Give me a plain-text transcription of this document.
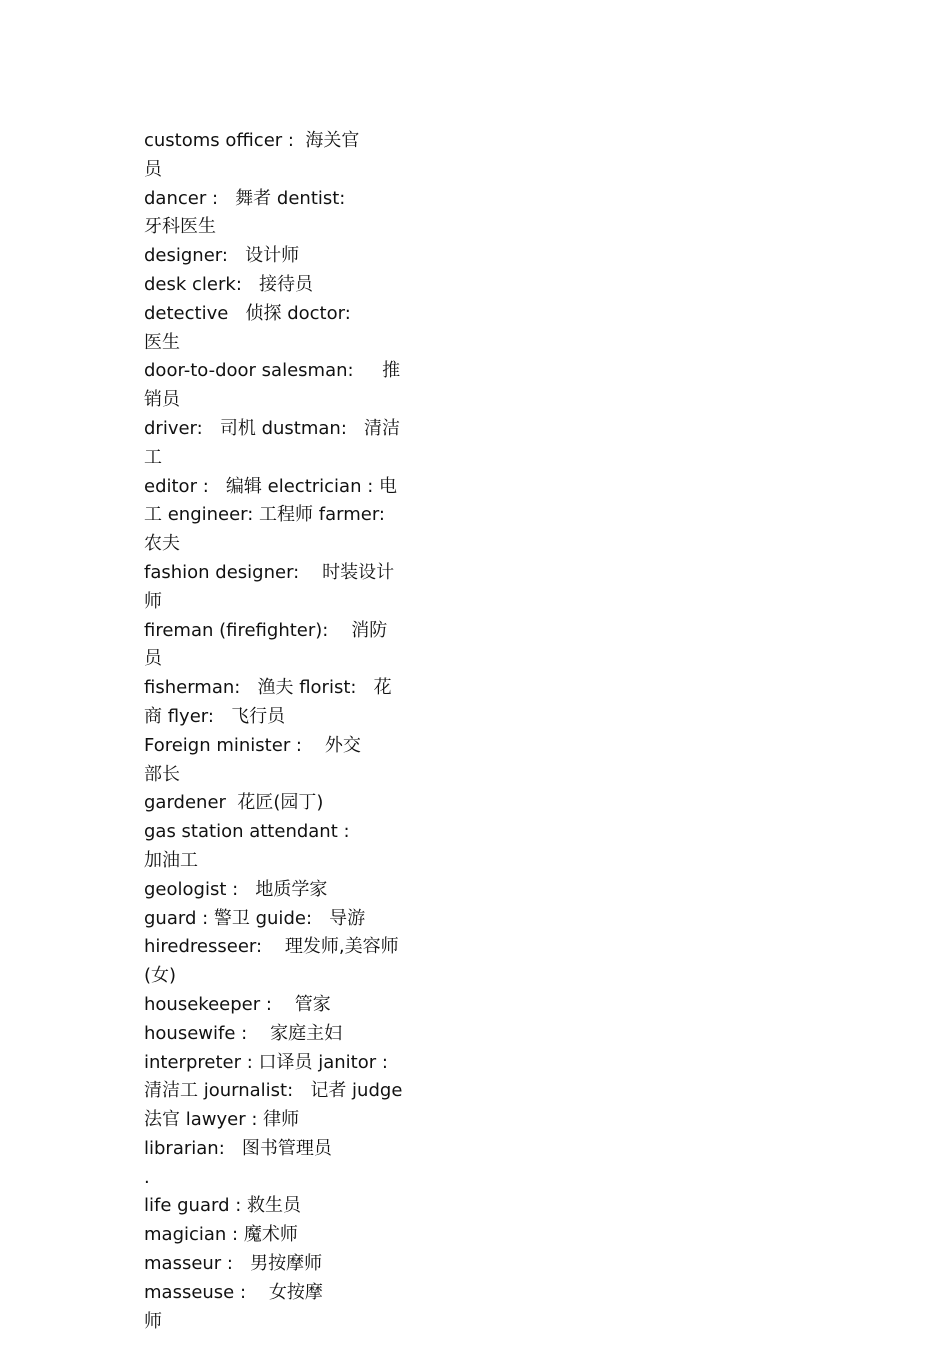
customs officer :  海关官
员
dancer :   舞者 dentist:
牙科医生
designer:   设计师
desk clerk:   接待员
detective   侦探 doctor:
医生
door-to-door salesman:     推
销员
driver:   司机 dustman:   清洁
工
editor :   编辑 electrician : 电
工 engineer: 工程师 farmer:
农夫
fashion designer:    时装设计
师
fireman (firefighter):    消防
员
fisherman:   渔夫 florist:   花
商 flyer:   飞行员
Foreign minister :    外交
部长
gardener  花匠(园丁)
gas station attendant :
加油工
geologist :   地质学家
guard : 警卫 guide:   导游
hiredresseer:    理发师,美容师
(女)
housekeeper :    管家
housewife :    家庭主妇
interpreter : 口译员 janitor :
清洁工 journalist:   记者 judge
法官 lawyer : 律师
librarian:   图书管理员
.
life guard : 救生员
magician : 魔术师
masseur :   男按摩师
masseuse :    女按摩
师
